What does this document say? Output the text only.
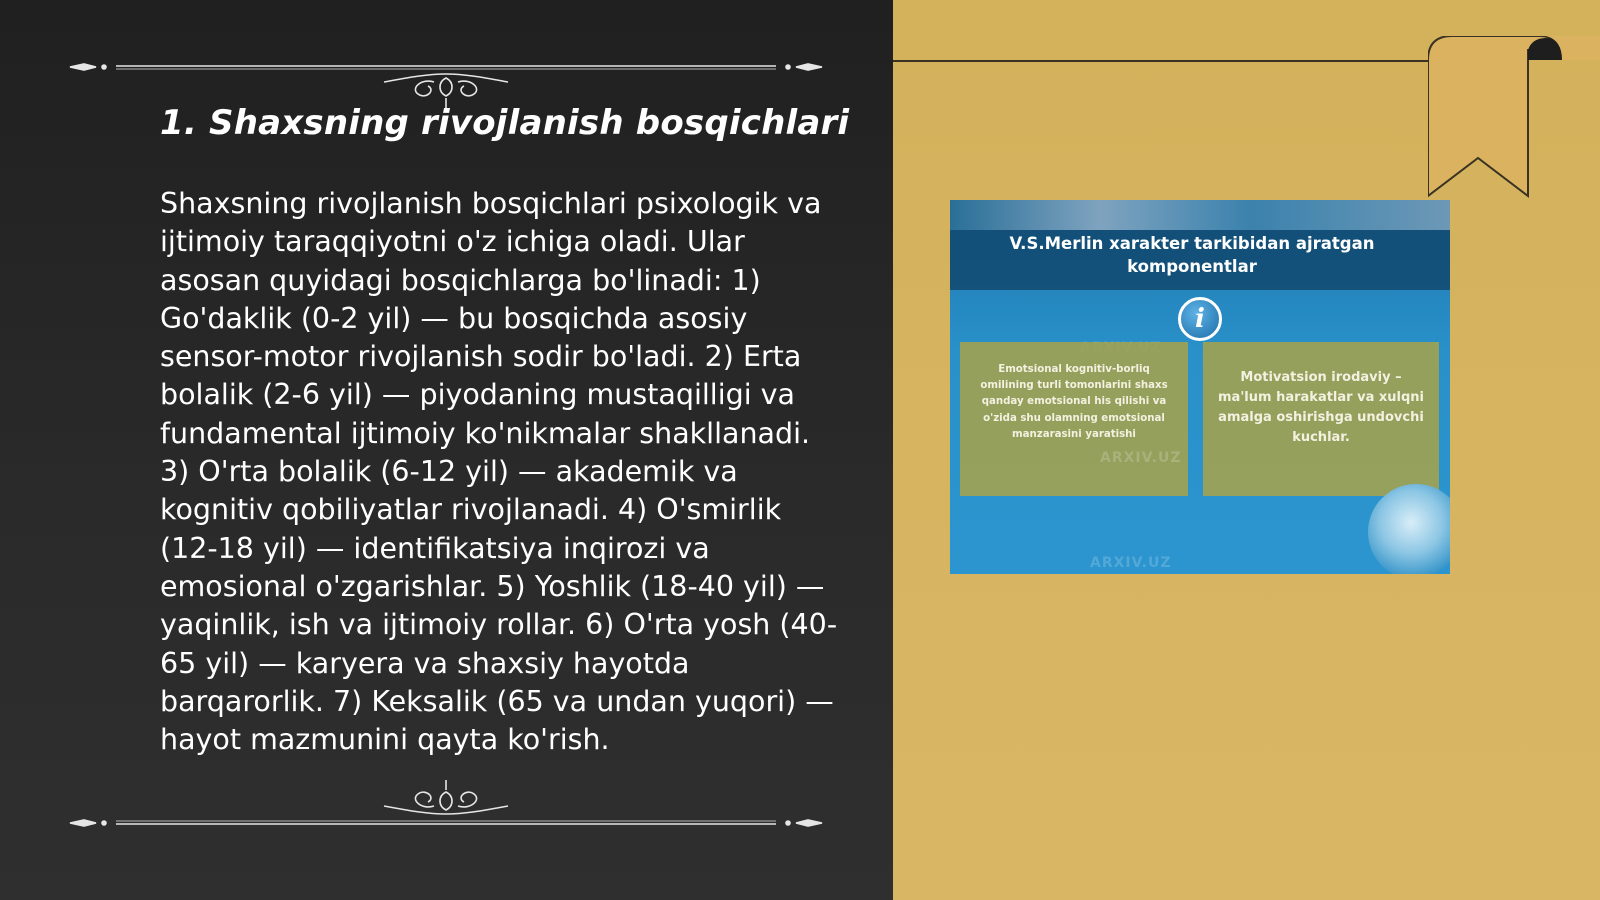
1. Shaxsning rivojlanish bosqichlari

Shaxsning rivojlanish bosqichlari psixologik va ijtimoiy taraqqiyotni o'z ichiga oladi. Ular asosan quyidagi bosqichlarga bo'linadi: 1) Go'daklik (0-2 yil) — bu bosqichda asosiy sensor-motor rivojlanish sodir bo'ladi. 2) Erta bolalik (2-6 yil) — piyodaning mustaqilligi va fundamental ijtimoiy ko'nikmalar shakllanadi. 3) O'rta bolalik (6-12 yil) — akademik va kognitiv qobiliyatlar rivojlanadi. 4) O'smirlik (12-18 yil) — identifikatsiya inqirozi va emosional o'zgarishlar. 5) Yoshlik (18-40 yil) — yaqinlik, ish va ijtimoiy rollar. 6) O'rta yosh (40-65 yil) — karyera va shaxsiy hayotda barqarorlik. 7) Keksalik (65 va undan yuqori) — hayot mazmunini qayta ko'rish.

V.S.Merlin xarakter tarkibidan ajratgan komponentlar

i
Emotsional kognitiv-borliq omilining turli tomonlarini shaxs qanday emotsional his qilishi va o'zida shu olamning emotsional manzarasini yaratishi
Motivatsion irodaviy – ma'lum harakatlar va xulqni amalga oshirishga undovchi kuchlar.
ARXIV.UZ
ARXIV.UZ
